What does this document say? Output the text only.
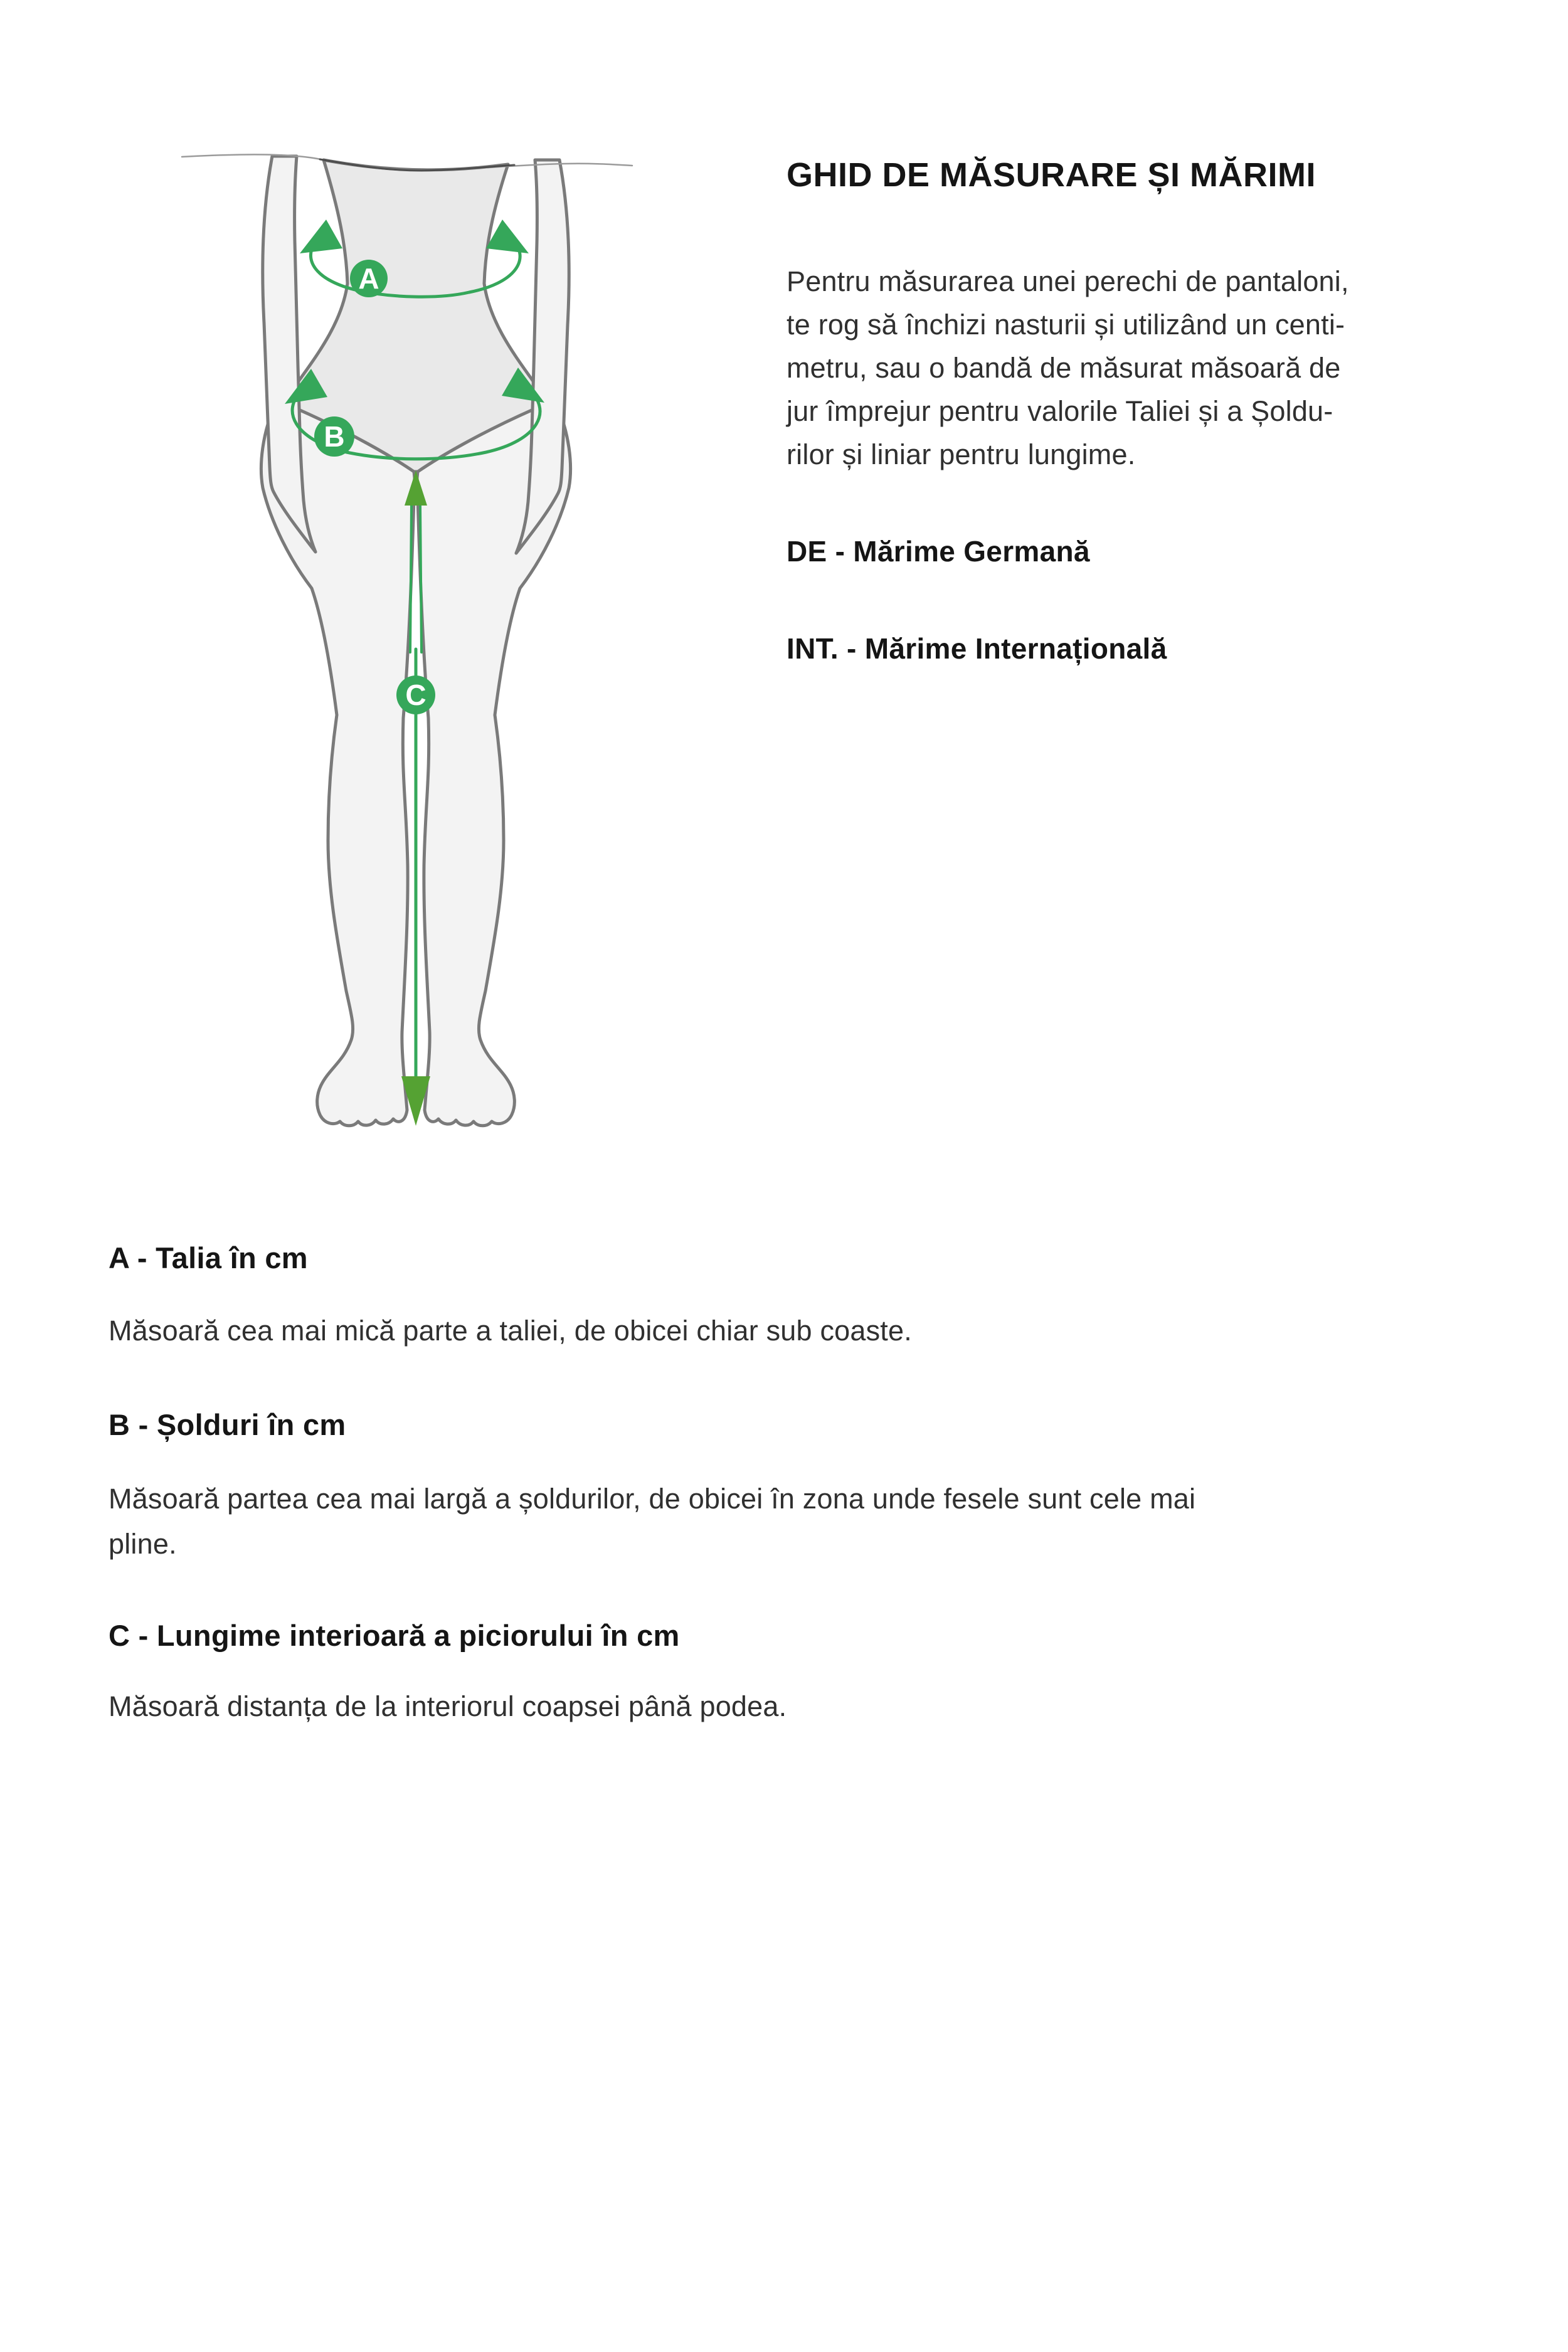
A
B
C
GHID DE MĂSURARE ȘI MĂRIMI
Pentru măsurarea unei perechi de pantaloni,
te rog să închizi nasturii și utilizând un centi-
metru, sau o bandă de măsurat măsoară de
jur împrejur pentru valorile Taliei și a Șoldu-
rilor și liniar pentru lungime.
DE - Mărime Germană
INT. - Mărime Internațională
A - Talia în cm
Măsoară cea mai mică parte a taliei, de obicei chiar sub coaste.
B - Șolduri în cm
Măsoară partea cea mai largă a șoldurilor, de obicei în zona unde fesele sunt cele mai
pline.
C - Lungime interioară a piciorului în cm
Măsoară distanța de la interiorul coapsei până podea.
